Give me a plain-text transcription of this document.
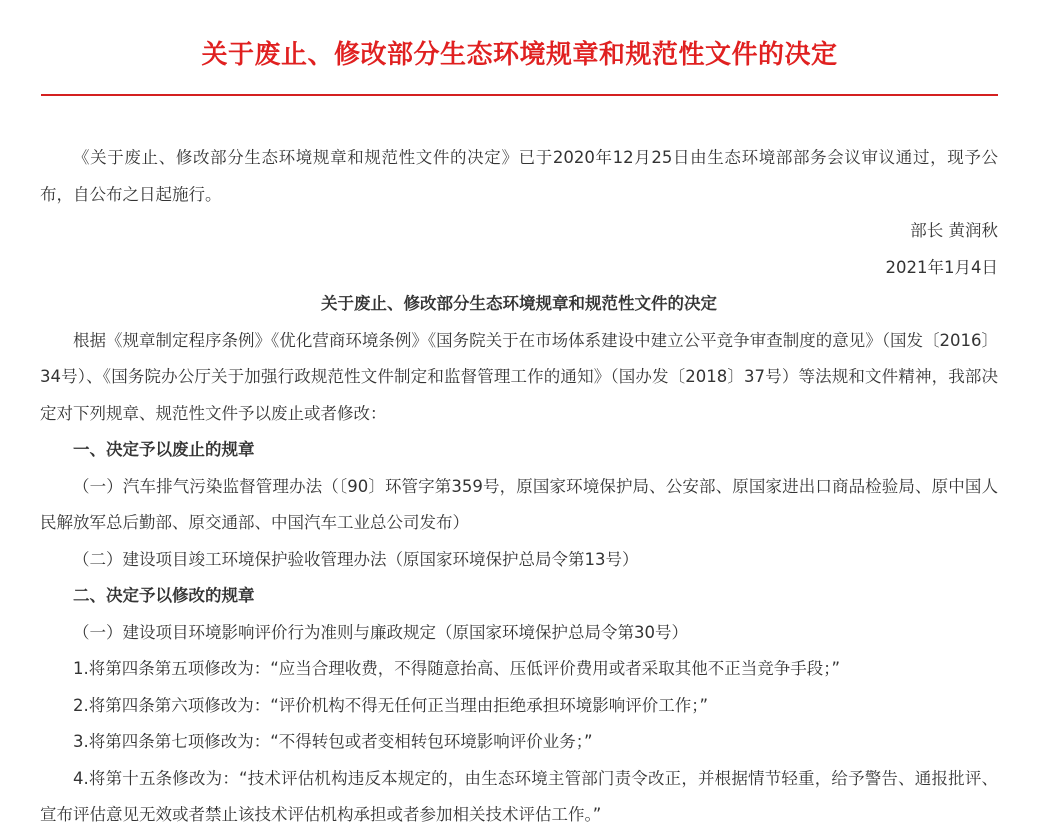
关于废止、修改部分生态环境规章和规范性文件的决定

《关于废止、修改部分生态环境规章和规范性文件的决定》已于2020年12月25日由生态环境部部务会议审议通过，现予公布，自公布之日起施行。

部长 黄润秋

2021年1月4日

关于废止、修改部分生态环境规章和规范性文件的决定

根据《规章制定程序条例》《优化营商环境条例》《国务院关于在市场体系建设中建立公平竞争审查制度的意见》（国发〔2016〕34号）、《国务院办公厅关于加强行政规范性文件制定和监督管理工作的通知》（国办发〔2018〕37号）等法规和文件精神，我部决定对下列规章、规范性文件予以废止或者修改：

一、决定予以废止的规章

（一）汽车排气污染监督管理办法（〔90〕环管字第359号，原国家环境保护局、公安部、原国家进出口商品检验局、原中国人民解放军总后勤部、原交通部、中国汽车工业总公司发布）

（二）建设项目竣工环境保护验收管理办法（原国家环境保护总局令第13号）

二、决定予以修改的规章

（一）建设项目环境影响评价行为准则与廉政规定（原国家环境保护总局令第30号）

1.将第四条第五项修改为：“应当合理收费，不得随意抬高、压低评价费用或者采取其他不正当竞争手段；”

2.将第四条第六项修改为：“评价机构不得无任何正当理由拒绝承担环境影响评价工作；”

3.将第四条第七项修改为：“不得转包或者变相转包环境影响评价业务；”

4.将第十五条修改为：“技术评估机构违反本规定的，由生态环境主管部门责令改正，并根据情节轻重，给予警告、通报批评、宣布评估意见无效或者禁止该技术评估机构承担或者参加相关技术评估工作。”
